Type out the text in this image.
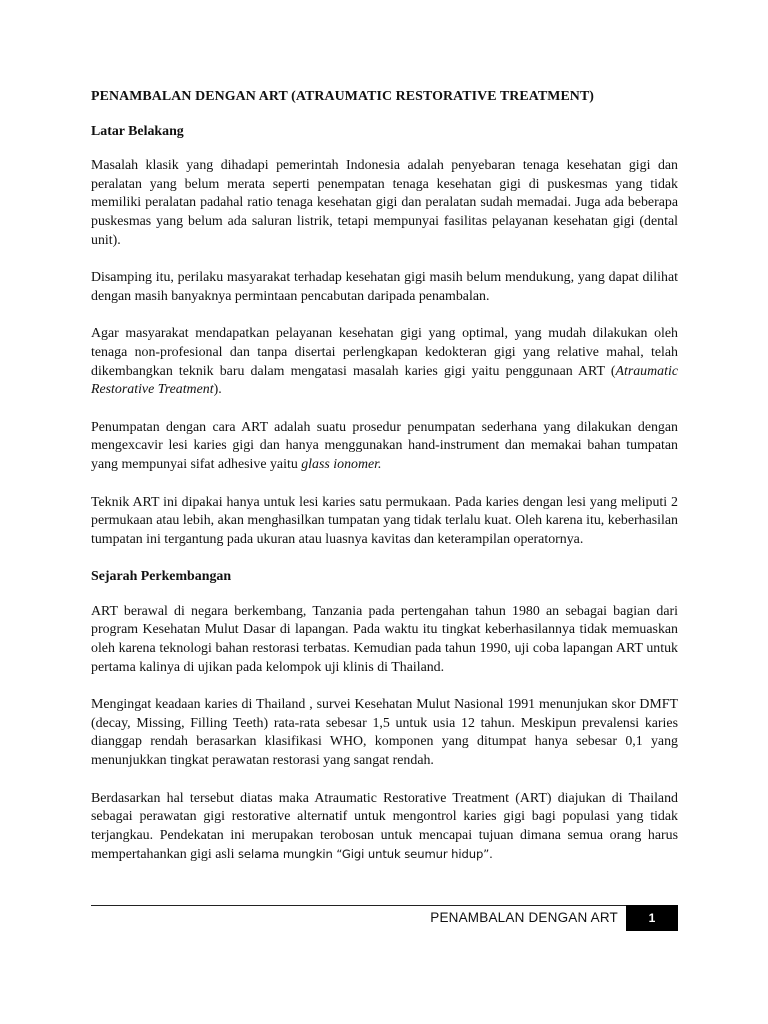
PENAMBALAN DENGAN ART (ATRAUMATIC RESTORATIVE TREATMENT)
Latar Belakang

Masalah klasik yang dihadapi pemerintah Indonesia adalah penyebaran tenaga kesehatan gigi dan peralatan yang belum merata seperti penempatan tenaga kesehatan gigi di puskesmas yang tidak memiliki peralatan padahal ratio tenaga kesehatan gigi dan peralatan sudah memadai. Juga ada beberapa puskesmas yang belum ada saluran listrik, tetapi mempunyai fasilitas pelayanan kesehatan gigi (dental unit).

Disamping itu, perilaku masyarakat terhadap kesehatan gigi masih belum mendukung, yang dapat dilihat dengan masih banyaknya permintaan pencabutan daripada penambalan.

Agar masyarakat mendapatkan pelayanan kesehatan gigi yang optimal, yang mudah dilakukan oleh tenaga non-profesional dan tanpa disertai perlengkapan kedokteran gigi yang relative mahal, telah dikembangkan teknik baru dalam mengatasi masalah karies gigi yaitu penggunaan ART (Atraumatic Restorative Treatment).

Penumpatan dengan cara ART adalah suatu prosedur penumpatan sederhana yang dilakukan dengan mengexcavir lesi karies gigi dan hanya menggunakan hand-instrument dan memakai bahan tumpatan yang mempunyai sifat adhesive yaitu glass ionomer.

Teknik ART ini dipakai hanya untuk lesi karies satu permukaan. Pada karies dengan lesi yang meliputi 2 permukaan atau lebih, akan menghasilkan tumpatan yang tidak terlalu kuat. Oleh karena itu, keberhasilan tumpatan ini tergantung pada ukuran atau luasnya kavitas dan keterampilan operatornya.

Sejarah Perkembangan

ART berawal di negara berkembang, Tanzania pada pertengahan tahun 1980 an sebagai bagian dari program Kesehatan Mulut Dasar di lapangan. Pada waktu itu tingkat keberhasilannya tidak memuaskan oleh karena teknologi bahan restorasi terbatas. Kemudian pada tahun 1990, uji coba lapangan ART untuk pertama kalinya di ujikan pada kelompok uji klinis di Thailand.

Mengingat keadaan karies di Thailand , survei Kesehatan Mulut Nasional 1991 menunjukan skor DMFT (decay, Missing, Filling Teeth) rata-rata sebesar 1,5 untuk usia 12 tahun. Meskipun prevalensi karies dianggap rendah berasarkan klasifikasi WHO, komponen yang ditumpat hanya sebesar 0,1 yang menunjukkan tingkat perawatan restorasi yang sangat rendah.

Berdasarkan hal tersebut diatas maka Atraumatic Restorative Treatment (ART) diajukan di Thailand sebagai perawatan gigi restorative alternatif untuk mengontrol karies gigi bagi populasi yang tidak terjangkau. Pendekatan ini merupakan terobosan untuk mencapai tujuan dimana semua orang harus mempertahankan gigi asli selama mungkin “Gigi untuk seumur hidup”.

PENAMBALAN DENGAN ART	1
